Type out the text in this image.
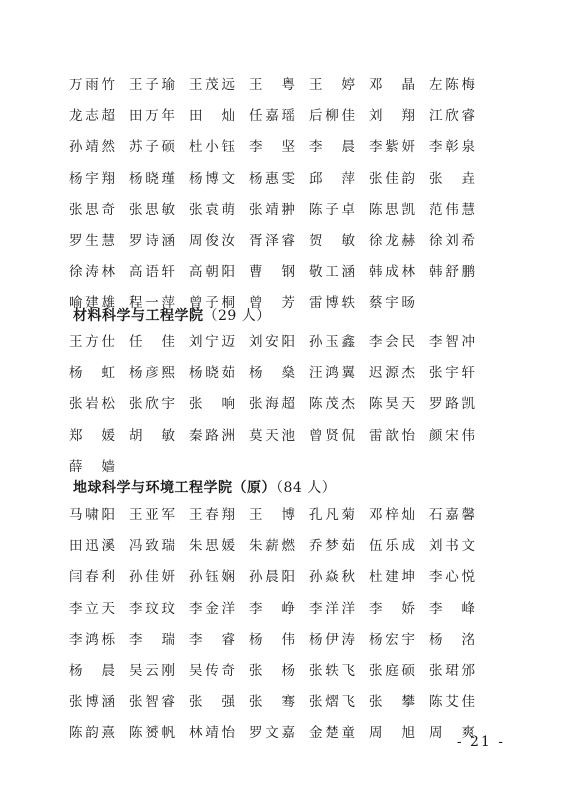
万雨竹 王子瑜 王茂远 王　粤 王　婷 邓　晶 左陈梅
龙志超 田万年 田　灿 任嘉瑶 后柳佳 刘　翔 江欣睿
孙靖然 苏子硕 杜小钰 李　坚 李　晨 李紫妍 李彰泉
杨宇翔 杨晓瑾 杨博文 杨惠雯 邱　萍 张佳韵 张　垚
张思奇 张思敏 张袁萌 张靖翀 陈子卓 陈思凯 范伟慧
罗生慧 罗诗涵 周俊汝 胥泽睿 贺　敏 徐龙赫 徐刘希
徐涛林 高语轩 高朝阳 曹　钢 敬工涵 韩成林 韩舒鹏
喻建雄 程一萍 曾子桐 曾　芳 雷博轶 蔡宇旸
材料科学与工程学院（29 人）
王方仕 任　佳 刘宁迈 刘安阳 孙玉鑫 李会民 李智冲
杨　虹 杨彦熙 杨晓茹 杨　燊 汪鸿翼 迟源杰 张宇轩
张岩松 张欣宇 张　响 张海超 陈茂杰 陈昊天 罗路凯
郑　媛 胡　敏 秦路洲 莫天池 曾贤侃 雷歆怡 颜宋伟
薛　嫱
地球科学与环境工程学院（原）（84 人）
马啸阳 王亚军 王春翔 王　博 孔凡菊 邓梓灿 石嘉馨
田迅溪 冯致瑞 朱思媛 朱薪燃 乔梦茹 伍乐成 刘书文
闫春利 孙佳妍 孙钰娴 孙晨阳 孙焱秋 杜建坤 李心悦
李立天 李玟玟 李金洋 李　峥 李洋洋 李　娇 李　峰
李鸿栎 李　瑞 李　睿 杨　伟 杨伊涛 杨宏宇 杨　洺
杨　晨 吴云刚 吴传奇 张　杨 张轶飞 张庭硕 张珺邠
张博涵 张智睿 张　强 张　骞 张熠飞 张　攀 陈艾佳
陈韵熹 陈赟帆 林靖怡 罗文嘉 金楚童 周　旭 周　爽
- 21 -
